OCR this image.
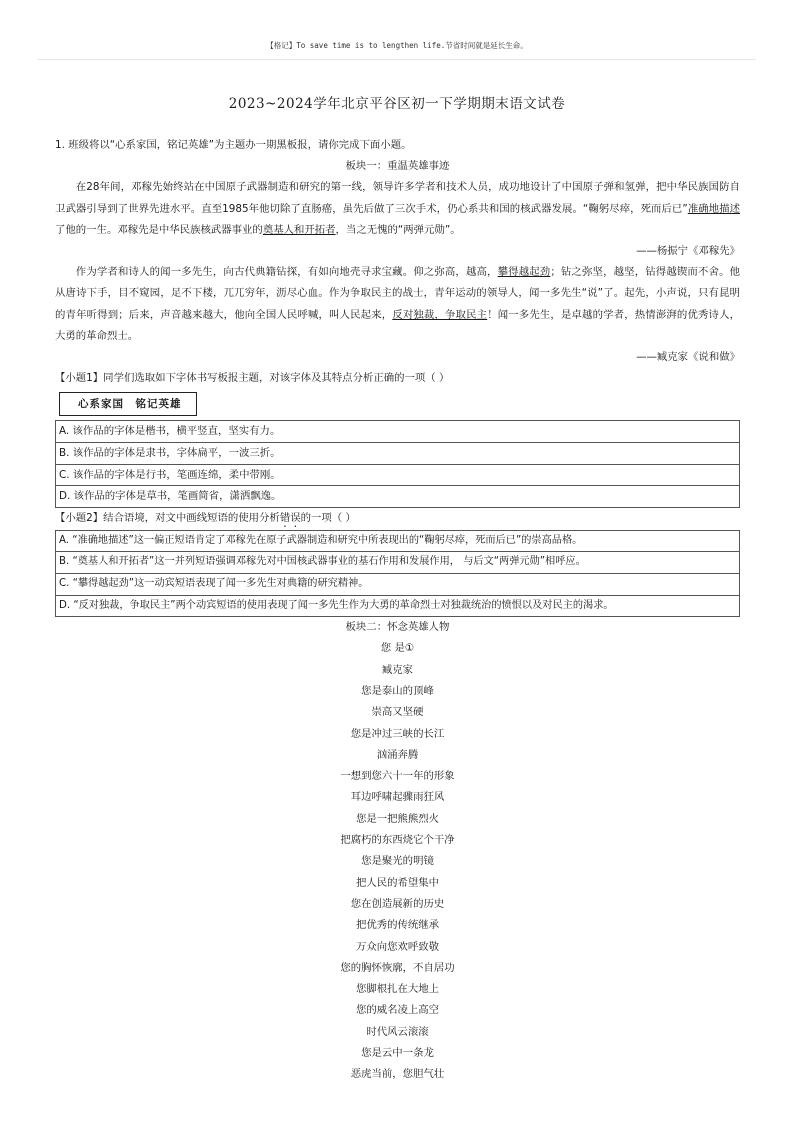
【格记】To save time is to lengthen life.节省时间就是延长生命。
2023~2024学年北京平谷区初一下学期期末语文试卷

1. 班级将以“心系家国，铭记英雄”为主题办一期黑板报，请你完成下面小题。

板块一：重温英雄事迹

在28年间，邓稼先始终站在中国原子武器制造和研究的第一线，领导许多学者和技术人员，成功地设计了中国原子弹和氢弹，把中华民族国防自卫武器引导到了世界先进水平。直至1985年他切除了直肠癌，虽先后做了三次手术，仍心系共和国的核武器发展。“鞠躬尽瘁，死而后已”准确地描述了他的一生。邓稼先是中华民族核武器事业的奠基人和开拓者，当之无愧的“两弹元勋”。

——杨振宁《邓稼先》

作为学者和诗人的闻一多先生，向古代典籍钻探，有如向地壳寻求宝藏。仰之弥高，越高，攀得越起劲；钻之弥坚，越坚，钻得越锲而不舍。他从唐诗下手，目不窥园，足不下楼，兀兀穷年，沥尽心血。作为争取民主的战士，青年运动的领导人，闻一多先生“说”了。起先，小声说，只有昆明的青年听得到；后来，声音越来越大，他向全国人民呼喊，叫人民起来，反对独裁，争取民主！闻一多先生，是卓越的学者，热情澎湃的优秀诗人，大勇的革命烈士。

——臧克家《说和做》

【小题1】同学们选取如下字体书写板报主题，对该字体及其特点分析正确的一项（ ）

心系家国　铭记英雄
A. 该作品的字体是楷书，横平竖直，坚实有力。
B. 该作品的字体是隶书，字体扁平，一波三折。
C. 该作品的字体是行书，笔画连绵，柔中带刚。
D. 该作品的字体是草书，笔画简省，潇洒飘逸。

【小题2】结合语境，对文中画线短语的使用分析错误的一项（ ）

A. “准确地描述”这一偏正短语肯定了邓稼先在原子武器制造和研究中所表现出的“鞠躬尽瘁，死而后已”的崇高品格。
B. “奠基人和开拓者”这一并列短语强调邓稼先对中国核武器事业的基石作用和发展作用， 与后文“两弹元勋”相呼应。
C. “攀得越起劲”这一动宾短语表现了闻一多先生对典籍的研究精神。
D. “反对独裁，争取民主”两个动宾短语的使用表现了闻一多先生作为大勇的革命烈士对独裁统治的愤恨以及对民主的渴求。

板块二：怀念英雄人物

您 是①

臧克家

您是泰山的顶峰

崇高又坚硬

您是冲过三峡的长江

汹涌奔腾

一想到您六十一年的形象

耳边呼啸起骤雨狂风

您是一把熊熊烈火

把腐朽的东西烧它个干净

您是聚光的明镜

把人民的希望集中

您在创造展新的历史

把优秀的传统继承

万众向您欢呼致敬

您的胸怀恢廓，不自居功

您脚根扎在大地上

您的威名凌上高空

时代风云滚滚

您是云中一条龙

恶虎当前，您胆气壮
